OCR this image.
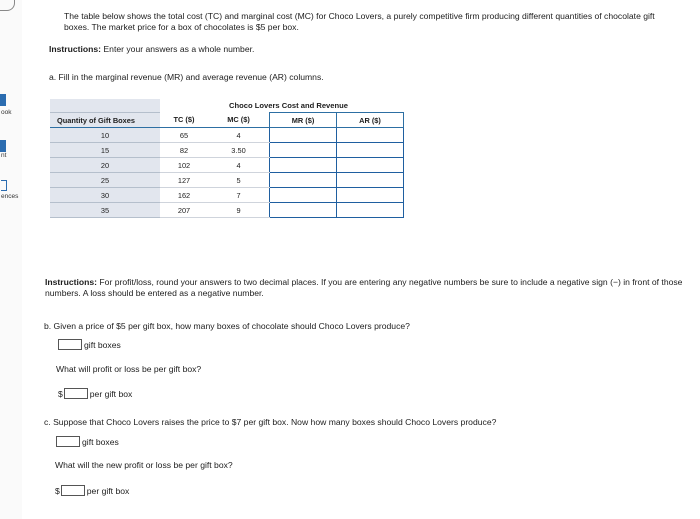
ook
nt
ences
The table below shows the total cost (TC) and marginal cost (MC) for Choco Lovers, a purely competitive firm producing different quantities of chocolate gift boxes. The market price for a box of chocolates is $5 per box.
Instructions: Enter your answers as a whole number.
a. Fill in the marginal revenue (MR) and average revenue (AR) columns.
	Choco Lovers Cost and Revenue			
Quantity of Gift Boxes	TC ($)	MC ($)	MR ($)	AR ($)
10	65	4		
15	82	3.50		
20	102	4		
25	127	5		
30	162	7		
35	207	9		
Instructions: For profit/loss, round your answers to two decimal places. If you are entering any negative numbers be sure to include a negative sign (−) in front of those numbers. A loss should be entered as a negative number.
b. Given a price of $5 per gift box, how many boxes of chocolate should Choco Lovers produce?
gift boxes
What will profit or loss be per gift box?
$	per gift box
c. Suppose that Choco Lovers raises the price to $7 per gift box. Now how many boxes should Choco Lovers produce?
gift boxes
What will the new profit or loss be per gift box?
$	per gift box
